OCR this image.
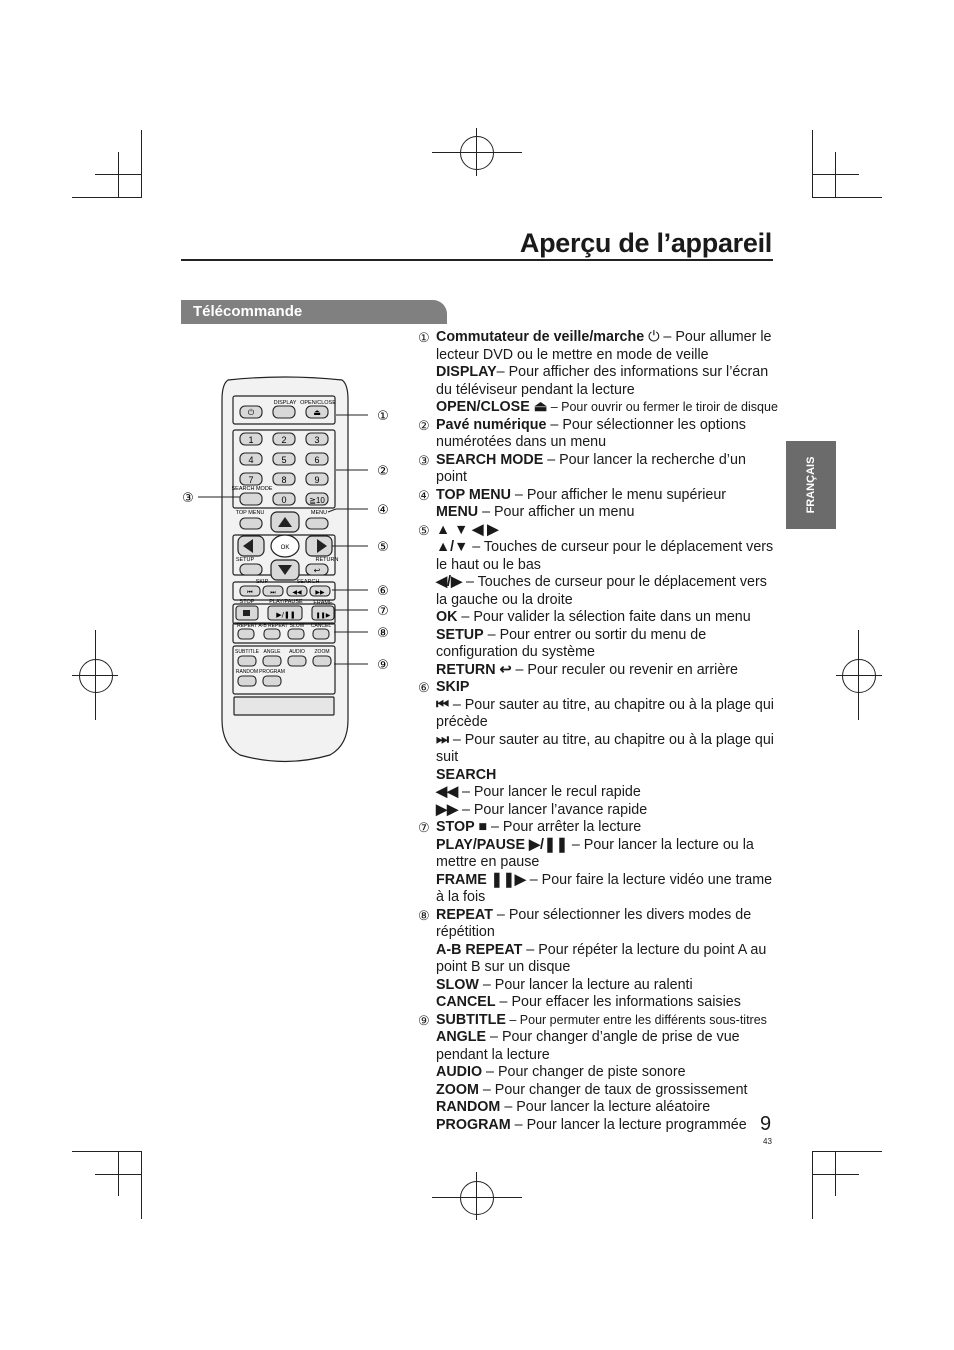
Aperçu de l’appareil
Télécommande
FRANÇAIS
⏻	⏏
DISPLAY OPEN/CLOSE
1	2	3
4	5	6
7	8	9
0	≧10
SEARCH MODE
TOP MENU	MENU
OK
SETUP	RETURN
↩
SKIP	SEARCH
⏮	⏭	◀◀ ▶▶
STOP	PLAY/PAUSE FRAME
▶/❚❚	❚❚▶
REPEAT A-B REPEAT SLOW CANCEL
SUBTITLE ANGLE AUDIO ZOOM
RANDOM PROGRAM
①
②
③
④
⑤
⑥
⑦
⑧
⑨
① Commutateur de veille/marche ⏻ – Pour allumer le lecteur DVD ou le mettre en mode de veille
DISPLAY– Pour afficher des informations sur l’écran du téléviseur pendant la lecture
OPEN/CLOSE ⏏ – Pour ouvrir ou fermer le tiroir de disque
② Pavé numérique – Pour sélectionner les options numérotées dans un menu
③ SEARCH MODE – Pour lancer la recherche d’un point
④ TOP MENU – Pour afficher le menu supérieur
MENU – Pour afficher un menu
⑤ ▲ ▼ ◀ ▶
▲/▼ – Touches de curseur pour le déplacement vers le haut ou le bas
◀/▶ – Touches de curseur pour le déplacement vers la gauche ou la droite
OK – Pour valider la sélection faite dans un menu
SETUP – Pour entrer ou sortir du menu de configuration du système
RETURN ↩ – Pour reculer ou revenir en arrière
⑥ SKIP
⏮ – Pour sauter au titre, au chapitre ou à la plage qui précède
⏭ – Pour sauter au titre, au chapitre ou à la plage qui suit
SEARCH
◀◀ – Pour lancer le recul rapide
▶▶ – Pour lancer l’avance rapide
⑦ STOP ■ – Pour arrêter la lecture
PLAY/PAUSE ▶/❚❚ – Pour lancer la lecture ou la mettre en pause
FRAME ❚❚▶ – Pour faire la lecture vidéo une trame à la fois
⑧ REPEAT – Pour sélectionner les divers modes de répétition
A-B REPEAT – Pour répéter la lecture du point A au point B sur un disque
SLOW – Pour lancer la lecture au ralenti
CANCEL – Pour effacer les informations saisies
⑨ SUBTITLE – Pour permuter entre les différents sous-titres
ANGLE – Pour changer d’angle de prise de vue pendant la lecture
AUDIO – Pour changer de piste sonore
ZOOM – Pour changer de taux de grossissement
RANDOM – Pour lancer la lecture aléatoire
PROGRAM – Pour lancer la lecture programmée 9
43
